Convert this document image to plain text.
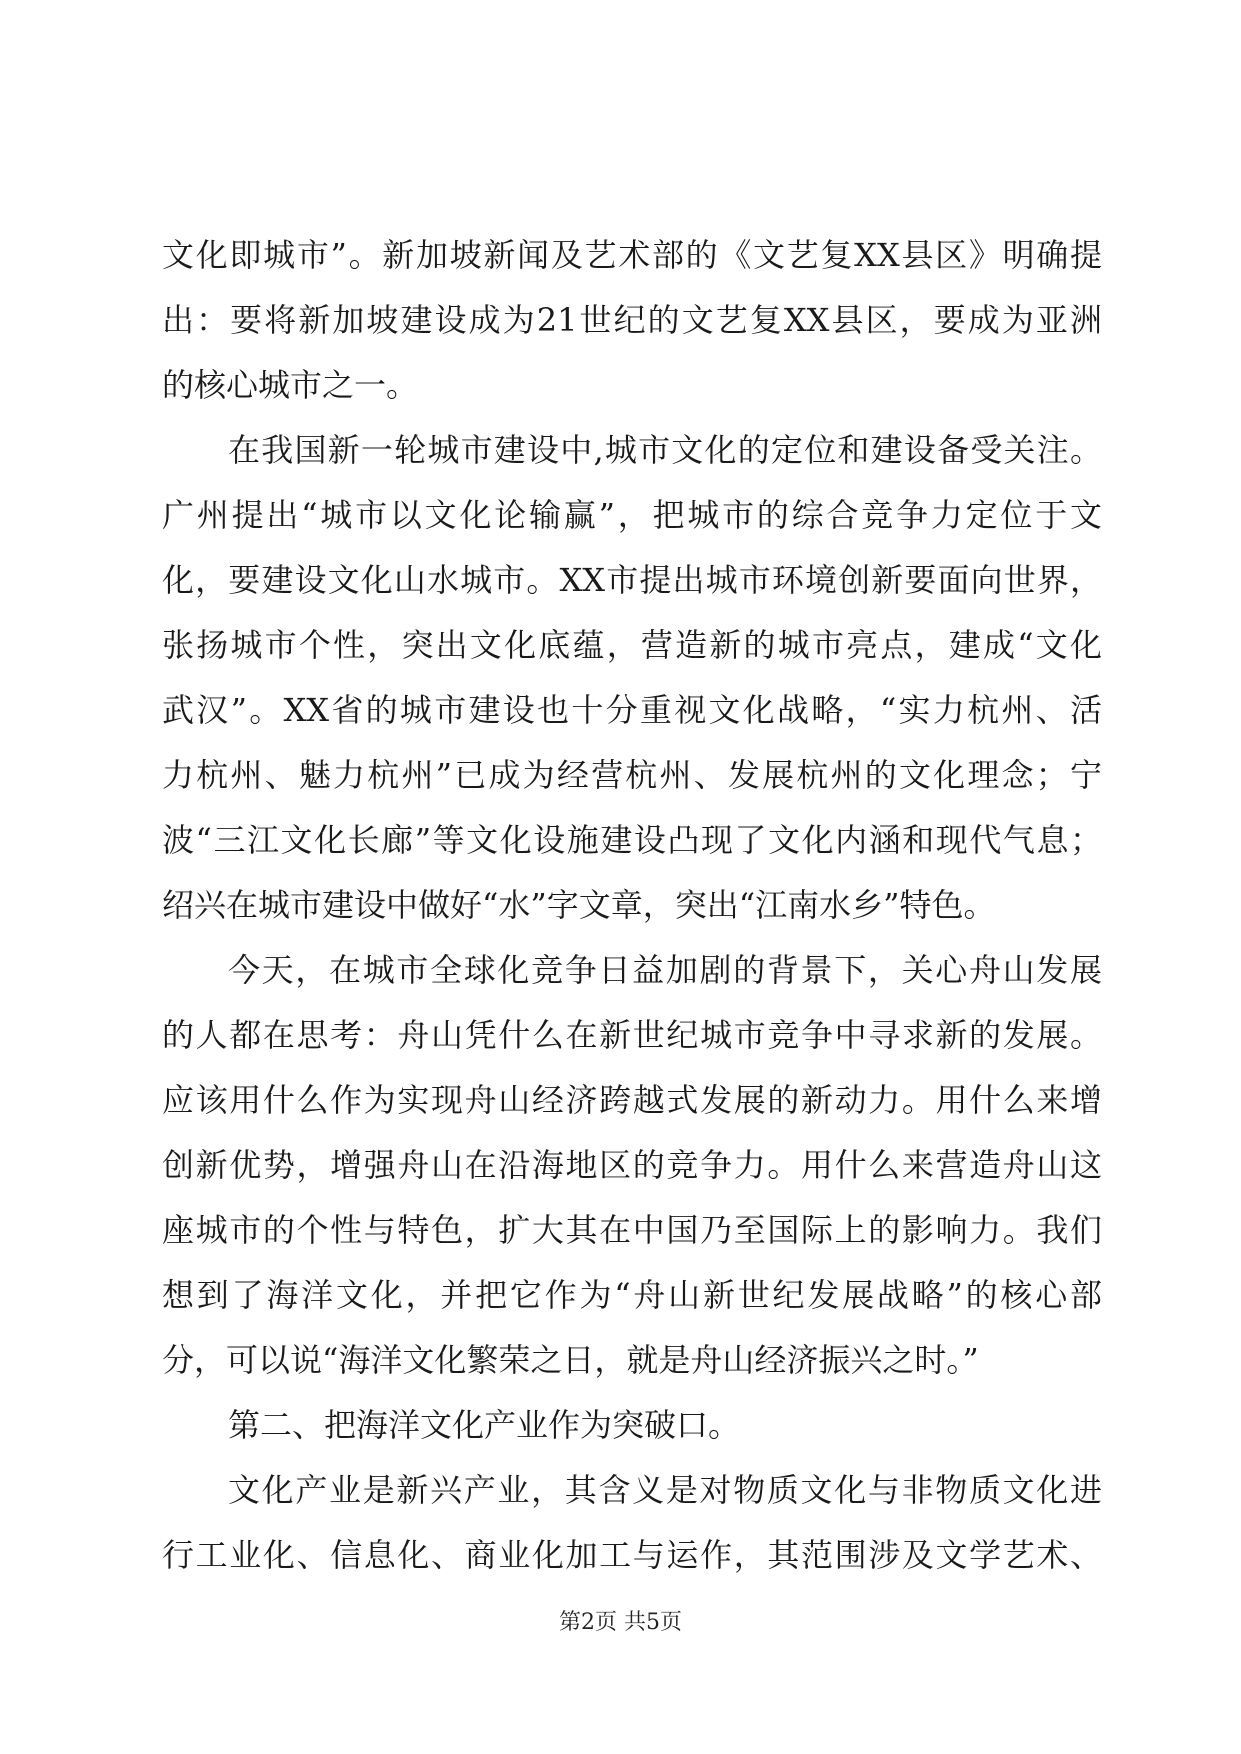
文化即城市”。新加坡新闻及艺术部的《文艺复XX县区》明确提
出：要将新加坡建设成为21世纪的文艺复XX县区，要成为亚洲
的核心城市之一。
在我国新一轮城市建设中,城市文化的定位和建设备受关注。
广州提出“城市以文化论输赢”，把城市的综合竞争力定位于文
化，要建设文化山水城市。XX市提出城市环境创新要面向世界，
张扬城市个性，突出文化底蕴，营造新的城市亮点，建成“文化
武汉”。XX省的城市建设也十分重视文化战略，“实力杭州、活
力杭州、魅力杭州”已成为经营杭州、发展杭州的文化理念；宁
波“三江文化长廊”等文化设施建设凸现了文化内涵和现代气息；
绍兴在城市建设中做好“水”字文章，突出“江南水乡”特色。
今天，在城市全球化竞争日益加剧的背景下，关心舟山发展
的人都在思考：舟山凭什么在新世纪城市竞争中寻求新的发展。
应该用什么作为实现舟山经济跨越式发展的新动力。用什么来增
创新优势，增强舟山在沿海地区的竞争力。用什么来营造舟山这
座城市的个性与特色，扩大其在中国乃至国际上的影响力。我们
想到了海洋文化，并把它作为“舟山新世纪发展战略”的核心部
分，可以说“海洋文化繁荣之日，就是舟山经济振兴之时。”
第二、把海洋文化产业作为突破口。
文化产业是新兴产业，其含义是对物质文化与非物质文化进
行工业化、信息化、商业化加工与运作，其范围涉及文学艺术、
第2页 共5页
